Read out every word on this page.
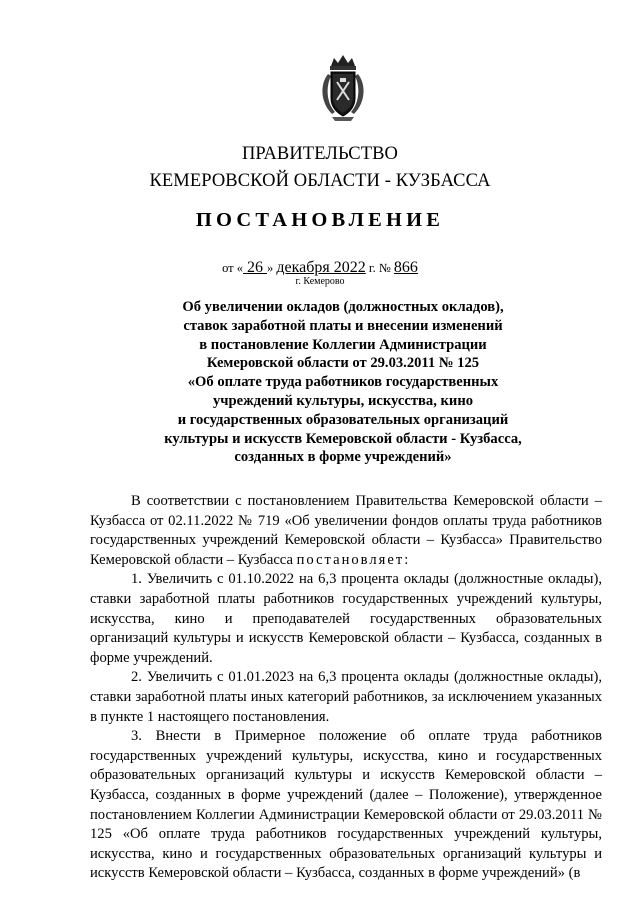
ПРАВИТЕЛЬСТВО
КЕМЕРОВСКОЙ ОБЛАСТИ - КУЗБАССА
ПОСТАНОВЛЕНИЕ
от « 26 » декабря 2022 г. № 866
г. Кемерово
Об увеличении окладов (должностных окладов),
ставок заработной платы и внесении изменений
в постановление Коллегии Администрации
Кемеровской области от 29.03.2011 № 125
«Об оплате труда работников государственных
учреждений культуры, искусства, кино
и государственных образовательных организаций
культуры и искусств Кемеровской области - Кузбасса,
созданных в форме учреждений»

В соответствии с постановлением Правительства Кемеровской области – Кузбасса от 02.11.2022 № 719 «Об увеличении фондов оплаты труда работников государственных учреждений Кемеровской области – Кузбасса» Правительство Кемеровской области – Кузбасса постановляет:

1. Увеличить с 01.10.2022 на 6,3 процента оклады (должностные оклады), ставки заработной платы работников государственных учреждений культуры, искусства, кино и преподавателей государственных образовательных организаций культуры и искусств Кемеровской области – Кузбасса, созданных в форме учреждений.

2. Увеличить с 01.01.2023 на 6,3 процента оклады (должностные оклады), ставки заработной платы иных категорий работников, за исключением указанных в пункте 1 настоящего постановления.

3. Внести в Примерное положение об оплате труда работников государственных учреждений культуры, искусства, кино и государственных образовательных организаций культуры и искусств Кемеровской области – Кузбасса, созданных в форме учреждений (далее – Положение), утвержденное постановлением Коллегии Администрации Кемеровской области от 29.03.2011 № 125 «Об оплате труда работников государственных учреждений культуры, искусства, кино и государственных образовательных организаций культуры и искусств Кемеровской области – Кузбасса, созданных в форме учреждений» (в
